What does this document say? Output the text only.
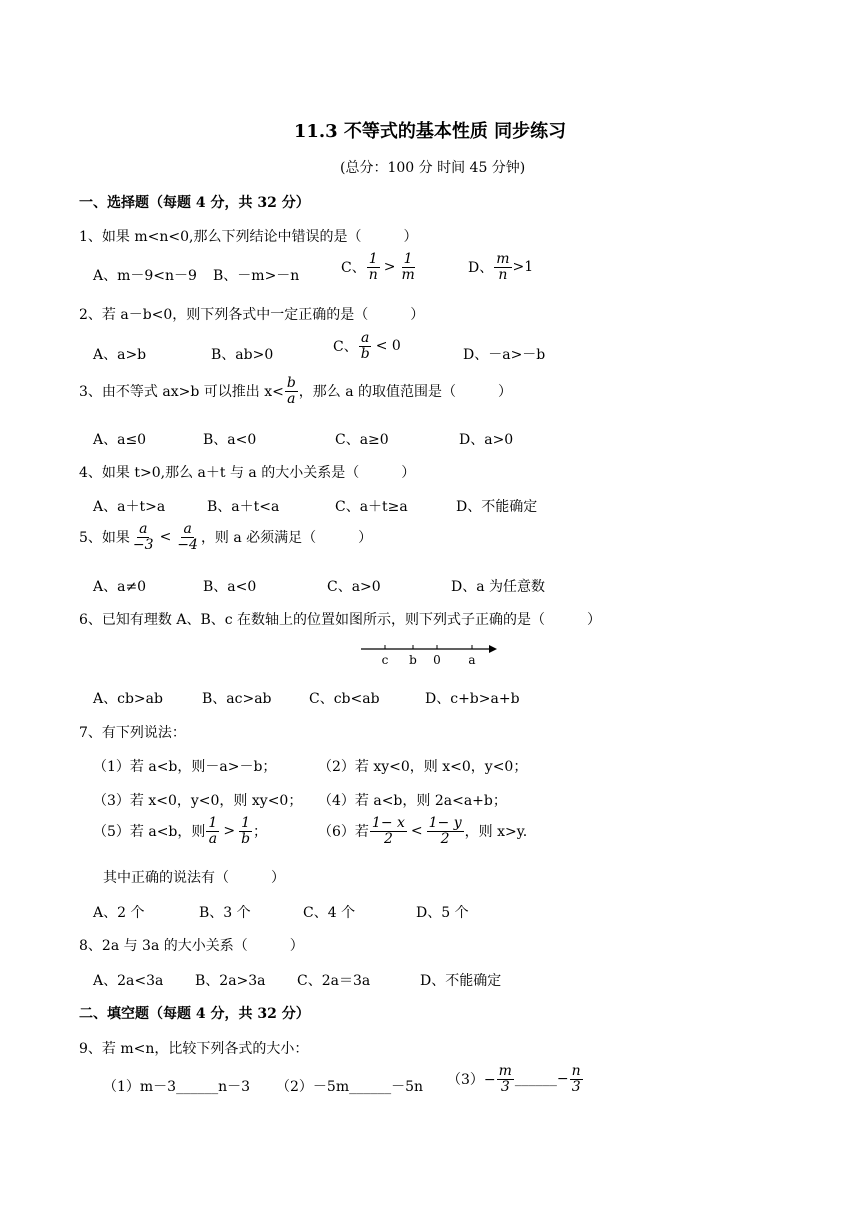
11.3 不等式的基本性质 同步练习
(总分：100 分 时间 45 分钟)
一、选择题（每题 4 分，共 32 分）
1、如果 m<n<0,那么下列结论中错误的是（　　　）
A、m－9<n－9 B、－m>－n	C、 $\frac{1}{n} > \frac{1}{m}$	D、 $\frac{m}{n} >1$
2、若 a－b<0，则下列各式中一定正确的是（　　　）
A、a>b	B、ab>0	C、 $\frac{a}{b} < 0$
D、－a>－b
3、由不等式 ax>b 可以推出 $x< \frac{b}{a}$ ，那么 a 的取值范围是（　　　）
A、a≤0	B、a<0	C、a≥0	D、a>0
4、如果 t>0,那么 a＋t 与 a 的大小关系是（　　　）
A、a＋t>a	B、a＋t<a	C、a＋t≥a	D、不能确定
5、如果 $\frac{a}{-3} < \frac{a}{-4}$ ，则 a 必须满足（　　　）
A、a≠0	B、a<0	C、a>0	D、a 为任意数
6、已知有理数 A、B、c 在数轴上的位置如图所示，则下列式子正确的是（　　　）
c b 0 a
A、cb>ab	B、ac>ab	C、cb<ab	D、c+b>a+b
7、有下列说法：
（1）若 a<b，则－a>－b；	（2）若 xy<0，则 x<0，y<0；
（3）若 x<0，y<0，则 xy<0； （4）若 a<b，则 2a<a+b；
（5）若 a<b，则 $\frac{1}{a} > \frac{1}{b}$ ；	（6）若 $\frac{1- x}{2} < \frac{1- y}{2}$ ，则 x>y.
其中正确的说法有（　　　）
A、2 个	B、3 个	C、4 个	D、5 个
8、2a 与 3a 的大小关系（　　　）
A、2a<3a B、2a>3a C、2a＝3a	D、不能确定
二、填空题（每题 4 分，共 32 分）
9、若 m<n，比较下列各式的大小：
（1）m－3______n－3 （2）－5m______－5n $(3)- \frac{m}{3}$ ______− $\frac{n}{3}$
